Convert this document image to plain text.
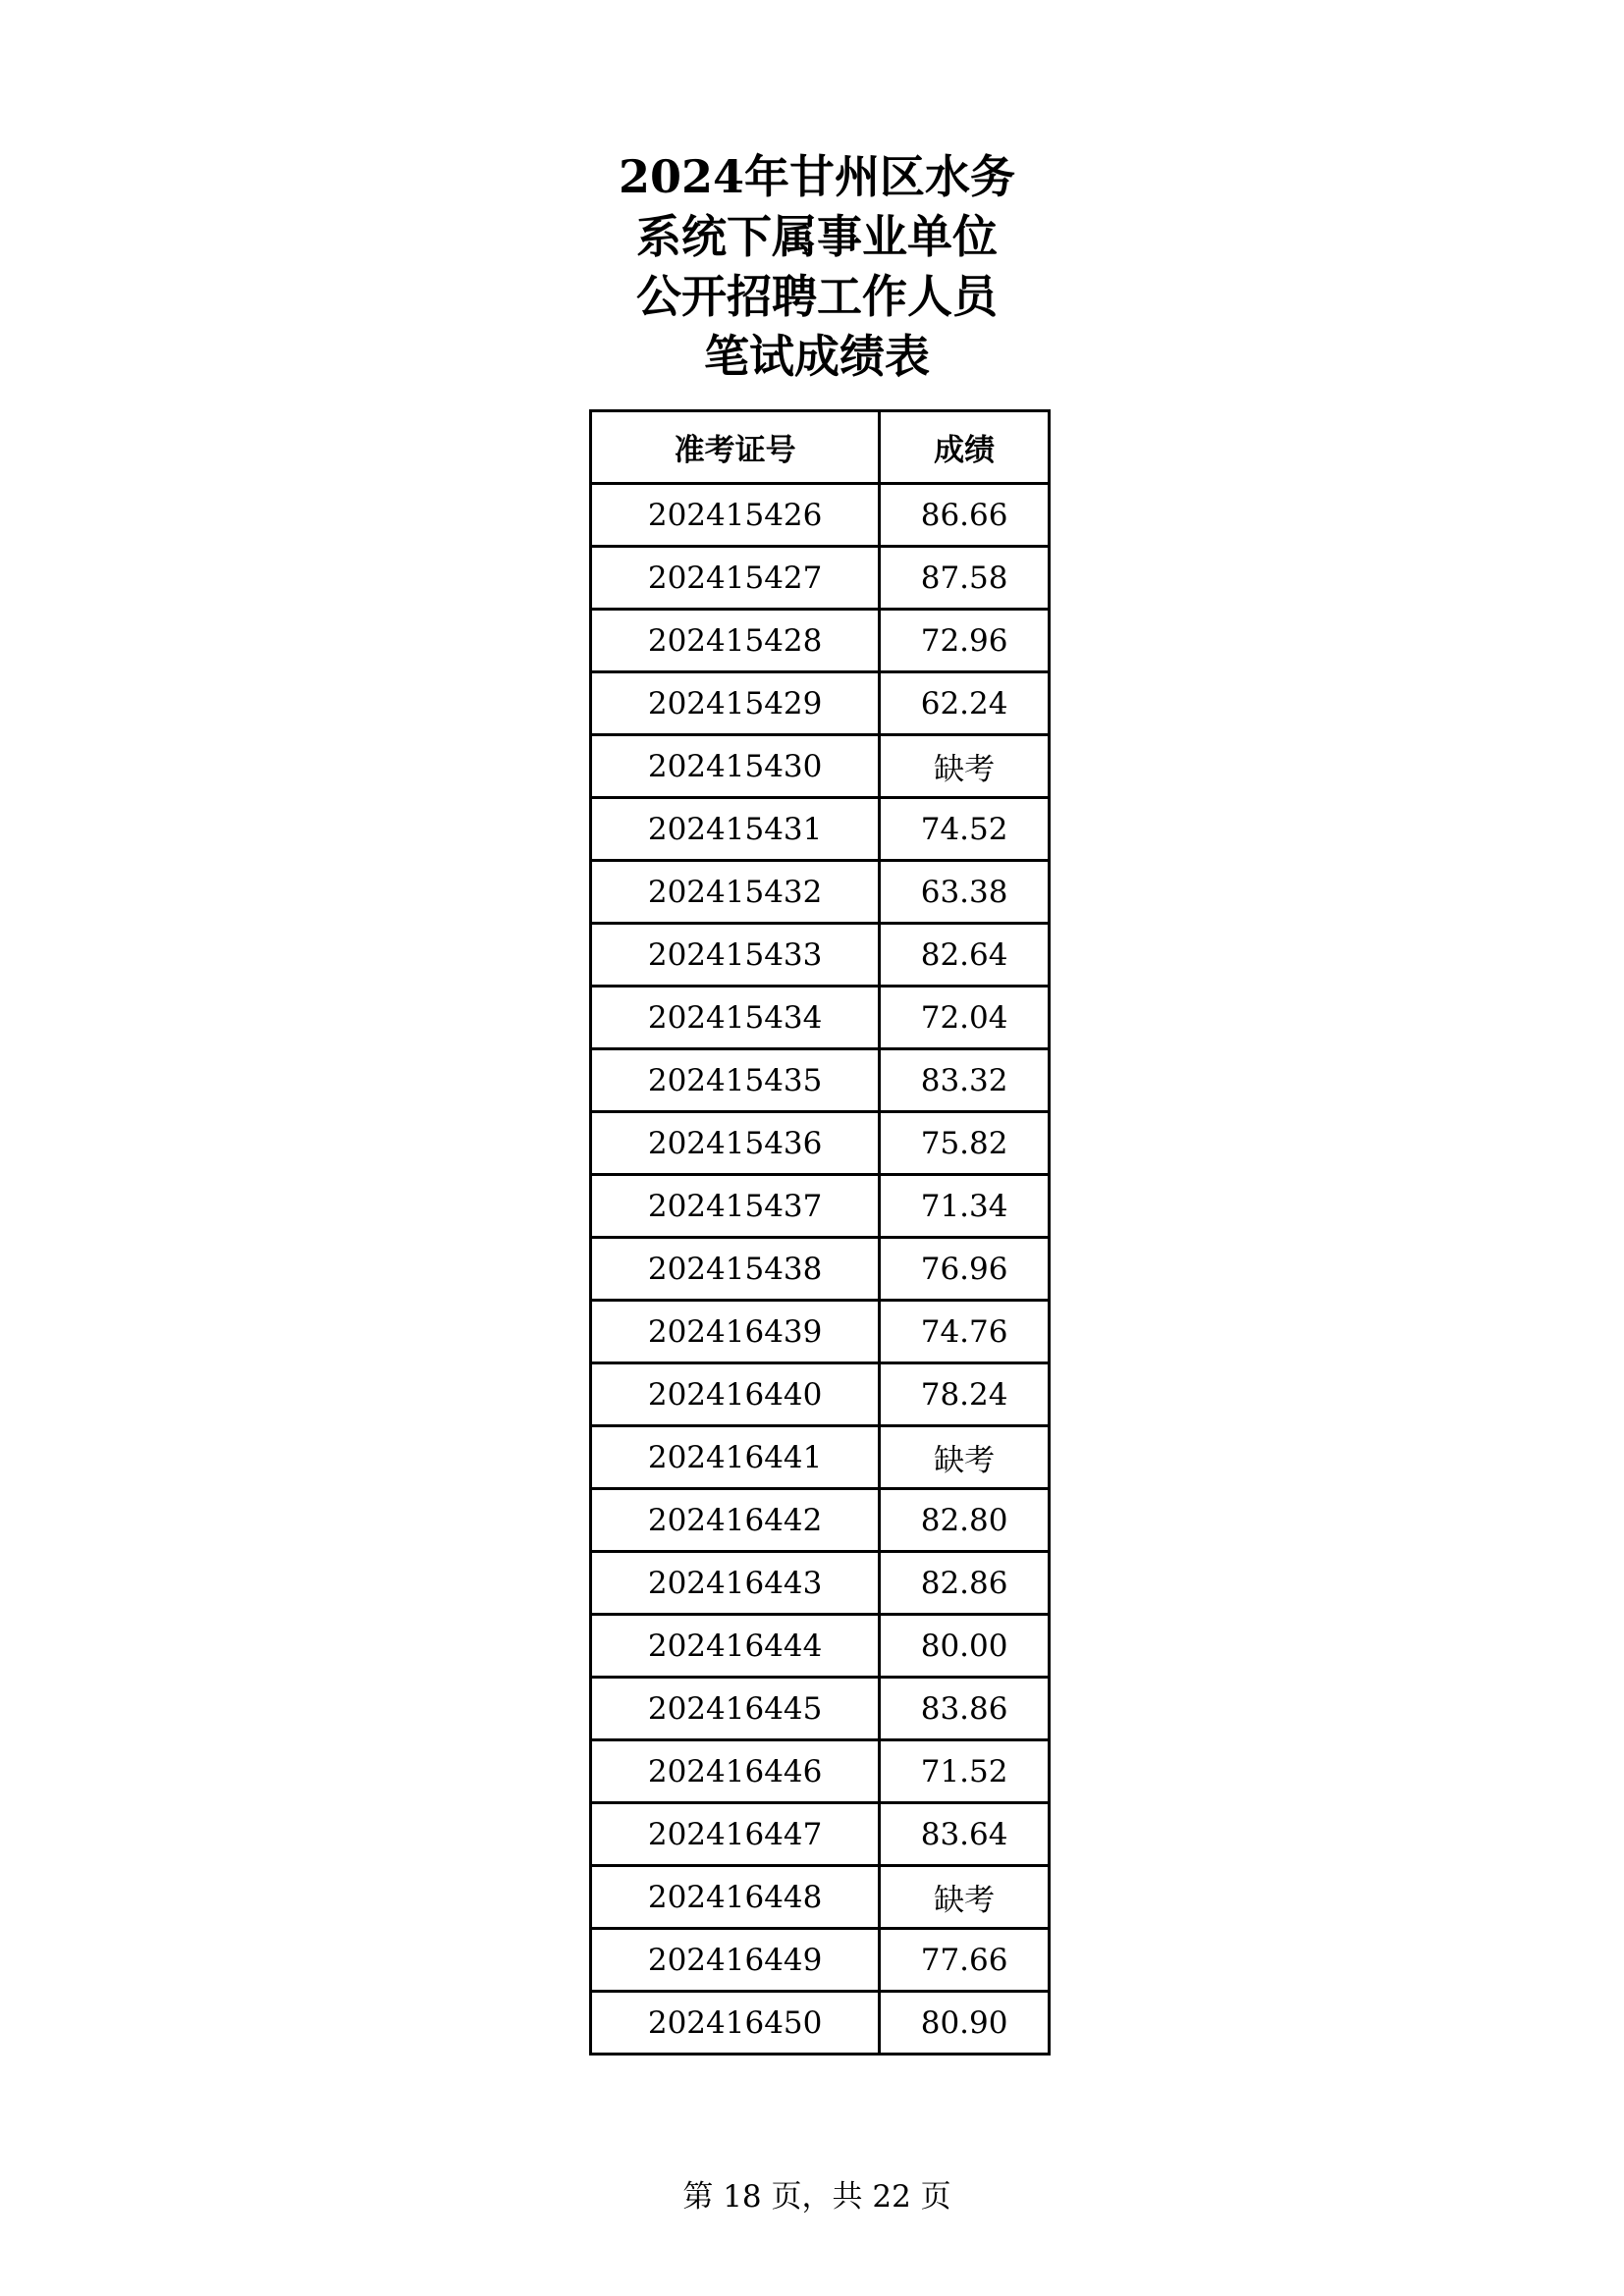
2024年甘州区水务
系统下属事业单位
公开招聘工作人员
笔试成绩表
准考证号	成绩
202415426	86.66
202415427	87.58
202415428	72.96
202415429	62.24
202415430	缺考
202415431	74.52
202415432	63.38
202415433	82.64
202415434	72.04
202415435	83.32
202415436	75.82
202415437	71.34
202415438	76.96
202416439	74.76
202416440	78.24
202416441	缺考
202416442	82.80
202416443	82.86
202416444	80.00
202416445	83.86
202416446	71.52
202416447	83.64
202416448	缺考
202416449	77.66
202416450	80.90
第 18 页，共 22 页
